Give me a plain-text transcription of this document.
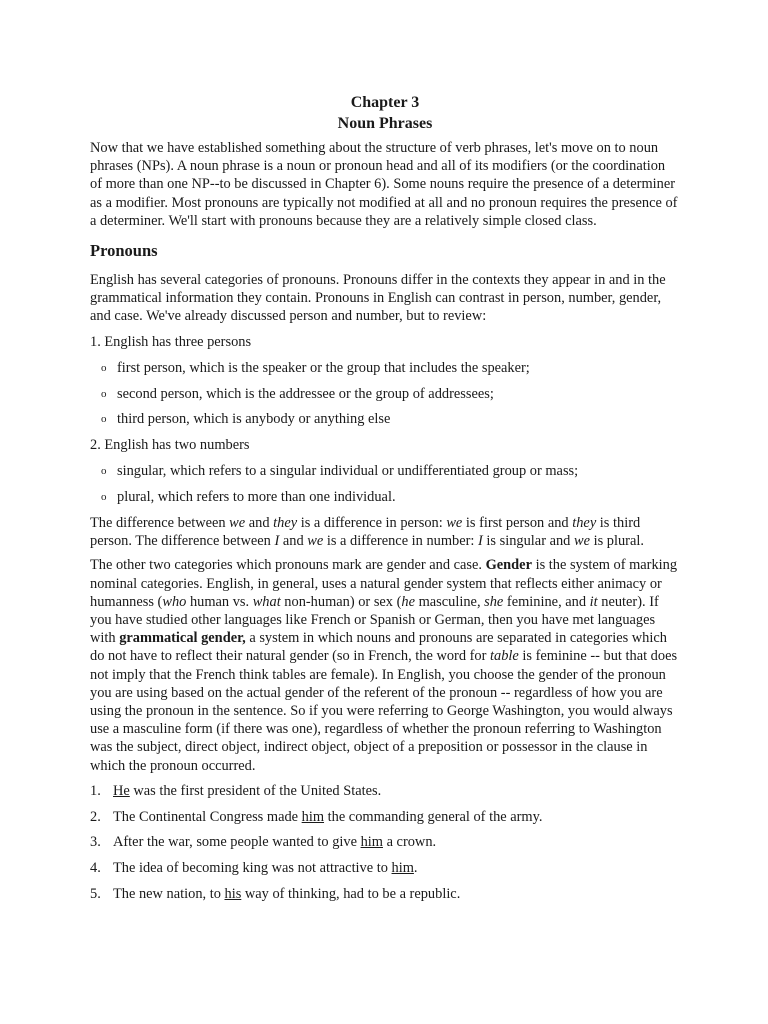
Chapter 3

Noun Phrases

Now that we have established something about the structure of verb phrases, let's move on to noun phrases (NPs). A noun phrase is a noun or pronoun head and all of its modifiers (or the coordination of more than one NP--to be discussed in Chapter 6). Some nouns require the presence of a determiner as a modifier. Most pronouns are typically not modified at all and no pronoun requires the presence of a determiner. We'll start with pronouns because they are a relatively simple closed class.

Pronouns

English has several categories of pronouns. Pronouns differ in the contexts they appear in and in the grammatical information they contain. Pronouns in English can contrast in person, number, gender, and case. We've already discussed person and number, but to review:

1. English has three persons

o first person, which is the speaker or the group that includes the speaker;
o second person, which is the addressee or the group of addressees;
o third person, which is anybody or anything else

2. English has two numbers

o singular, which refers to a singular individual or undifferentiated group or mass;
o plural, which refers to more than one individual.

The difference between we and they is a difference in person: we is first person and they is third person. The difference between I and we is a difference in number: I is singular and we is plural.

The other two categories which pronouns mark are gender and case. Gender is the system of marking nominal categories. English, in general, uses a natural gender system that reflects either animacy or humanness (who human vs. what non-human) or sex (he masculine, she feminine, and it neuter). If you have studied other languages like French or Spanish or German, then you have met languages with grammatical gender, a system in which nouns and pronouns are separated in categories which do not have to reflect their natural gender (so in French, the word for table is feminine -- but that does not imply that the French think tables are female). In English, you choose the gender of the pronoun you are using based on the actual gender of the referent of the pronoun -- regardless of how you are using the pronoun in the sentence. So if you were referring to George Washington, you would always use a masculine form (if there was one), regardless of whether the pronoun referring to Washington was the subject, direct object, indirect object, object of a preposition or possessor in the clause in which the pronoun occurred.

1. He was the first president of the United States.
2. The Continental Congress made him the commanding general of the army.
3. After the war, some people wanted to give him a crown.
4. The idea of becoming king was not attractive to him.
5. The new nation, to his way of thinking, had to be a republic.
